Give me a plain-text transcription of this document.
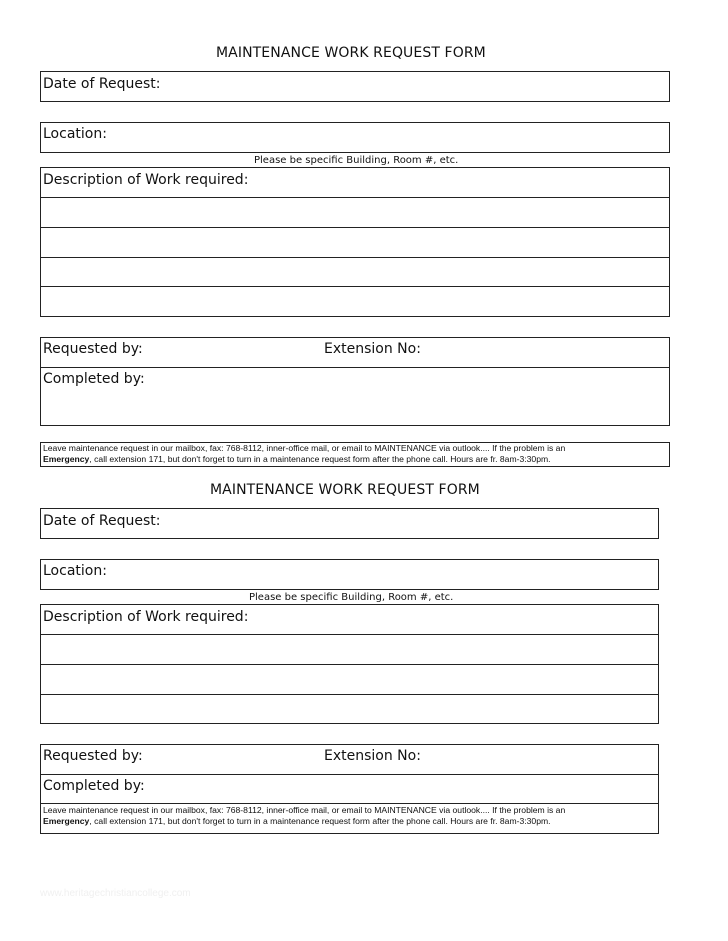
MAINTENANCE WORK REQUEST FORM
Date of Request:
Location:
Please be specific Building, Room #, etc.
Description of Work required:
Requested by:	Extension No:
Completed by:
Leave maintenance request in our mailbox, fax: 768-8112, inner-office mail, or email to MAINTENANCE via outlook.... If the problem is an
Emergency, call extension 171, but don't forget to turn in a maintenance request form after the phone call. Hours are fr. 8am-3:30pm.
MAINTENANCE WORK REQUEST FORM
Date of Request:
Location:
Please be specific Building, Room #, etc.
Description of Work required:
Requested by:	Extension No:
Completed by:
Leave maintenance request in our mailbox, fax: 768-8112, inner-office mail, or email to MAINTENANCE via outlook.... If the problem is an
Emergency, call extension 171, but don't forget to turn in a maintenance request form after the phone call. Hours are fr. 8am-3:30pm.
www.heritagechristiancollege.com
